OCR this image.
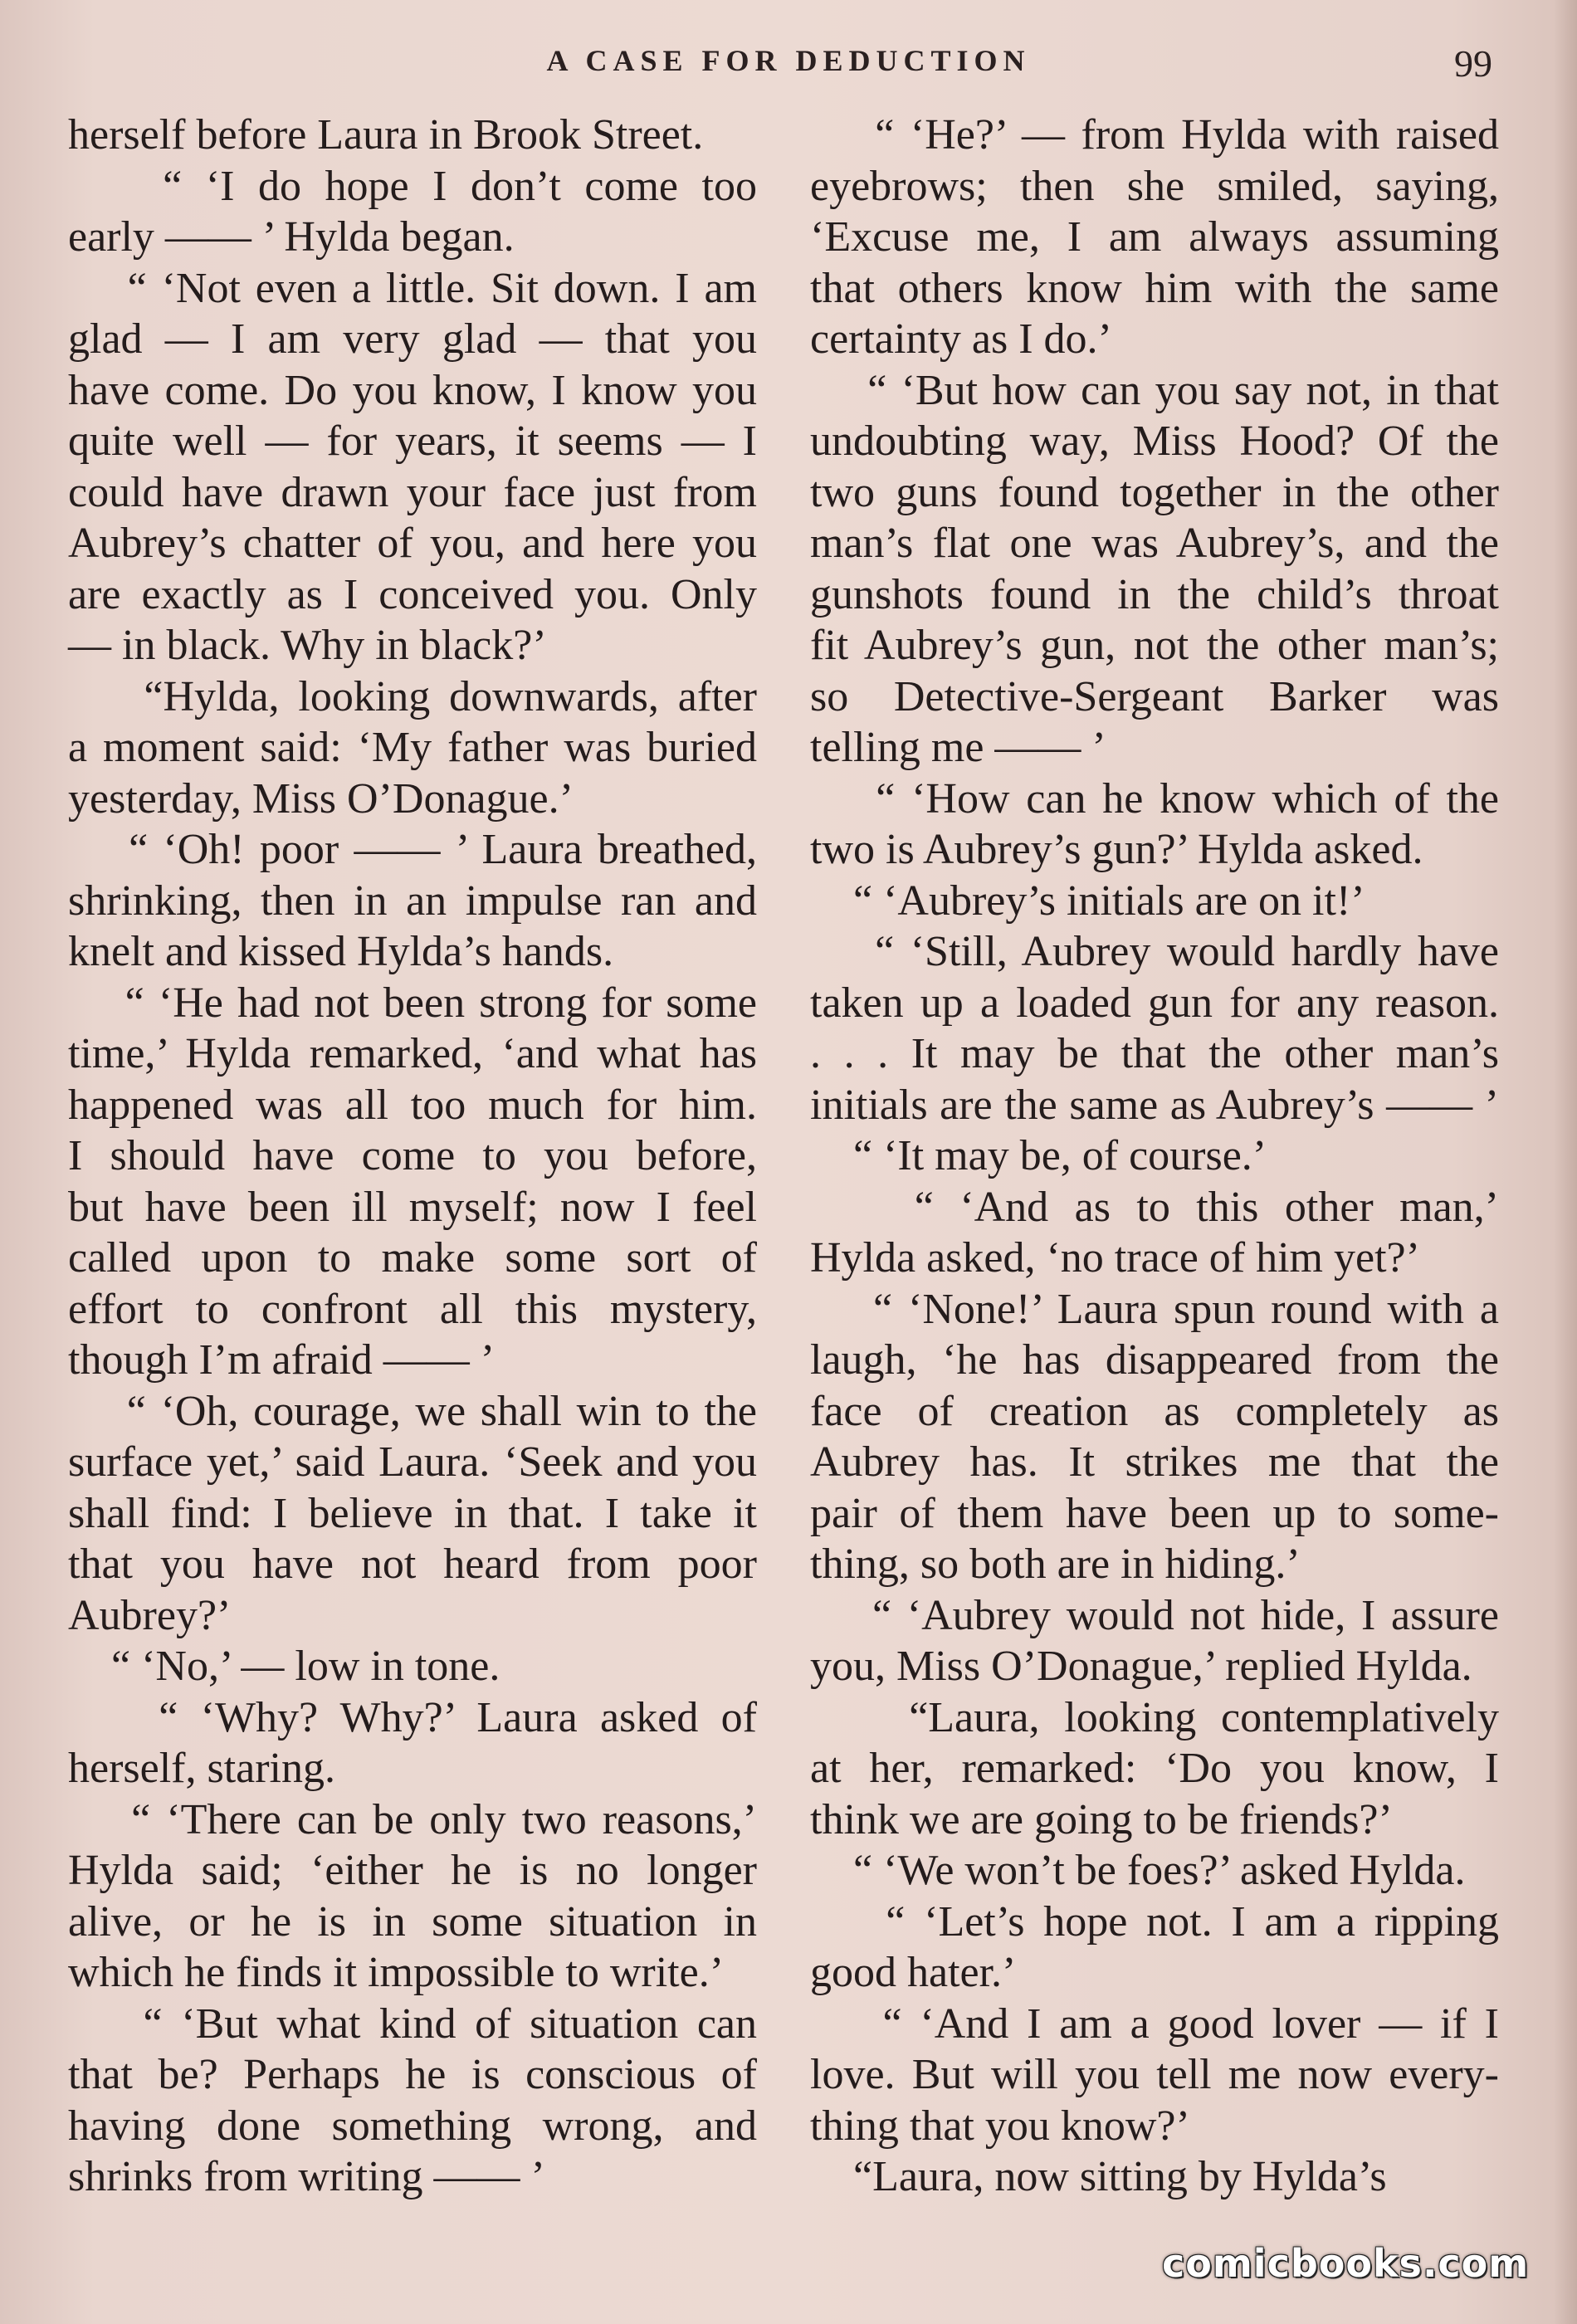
A CASE FOR DEDUCTION	99
herself before Laura in Brook Street.
“ ‘I do hope I don’t come too
early —— ’ Hylda began.
“ ‘Not even a little. Sit down. I am
glad — I am very glad — that you
have come. Do you know, I know you
quite well — for years, it seems — I
could have drawn your face just from
Aubrey’s chatter of you, and here you
are exactly as I conceived you. Only
— in black. Why in black?’
“Hylda, looking downwards, after
a moment said: ‘My father was buried
yesterday, Miss O’Donague.’
“ ‘Oh! poor —— ’ Laura breathed,
shrinking, then in an impulse ran and
knelt and kissed Hylda’s hands.
“ ‘He had not been strong for some
time,’ Hylda remarked, ‘and what has
happened was all too much for him.
I should have come to you before,
but have been ill myself; now I feel
called upon to make some sort of
effort to confront all this mystery,
though I’m afraid —— ’
“ ‘Oh, courage, we shall win to the
surface yet,’ said Laura. ‘Seek and you
shall find: I believe in that. I take it
that you have not heard from poor
Aubrey?’
“ ‘No,’ — low in tone.
“ ‘Why? Why?’ Laura asked of
herself, staring.
“ ‘There can be only two reasons,’
Hylda said; ‘either he is no longer
alive, or he is in some situation in
which he finds it impossible to write.’
“ ‘But what kind of situation can
that be? Perhaps he is conscious of
having done something wrong, and
shrinks from writing —— ’
“ ‘He?’ — from Hylda with raised
eyebrows; then she smiled, saying,
‘Excuse me, I am always assuming
that others know him with the same
certainty as I do.’
“ ‘But how can you say not, in that
undoubting way, Miss Hood? Of the
two guns found together in the other
man’s flat one was Aubrey’s, and the
gunshots found in the child’s throat
fit Aubrey’s gun, not the other man’s;
so Detective-Sergeant Barker was
telling me —— ’
“ ‘How can he know which of the
two is Aubrey’s gun?’ Hylda asked.
“ ‘Aubrey’s initials are on it!’
“ ‘Still, Aubrey would hardly have
taken up a loaded gun for any reason.
. . . It may be that the other man’s
initials are the same as Aubrey’s —— ’
“ ‘It may be, of course.’
“ ‘And as to this other man,’
Hylda asked, ‘no trace of him yet?’
“ ‘None!’ Laura spun round with a
laugh, ‘he has disappeared from the
face of creation as completely as
Aubrey has. It strikes me that the
pair of them have been up to some-
thing, so both are in hiding.’
“ ‘Aubrey would not hide, I assure
you, Miss O’Donague,’ replied Hylda.
“Laura, looking contemplatively
at her, remarked: ‘Do you know, I
think we are going to be friends?’
“ ‘We won’t be foes?’ asked Hylda.
“ ‘Let’s hope not. I am a ripping
good hater.’
“ ‘And I am a good lover — if I
love. But will you tell me now every-
thing that you know?’
“Laura, now sitting by Hylda’s
comicbooks.com
